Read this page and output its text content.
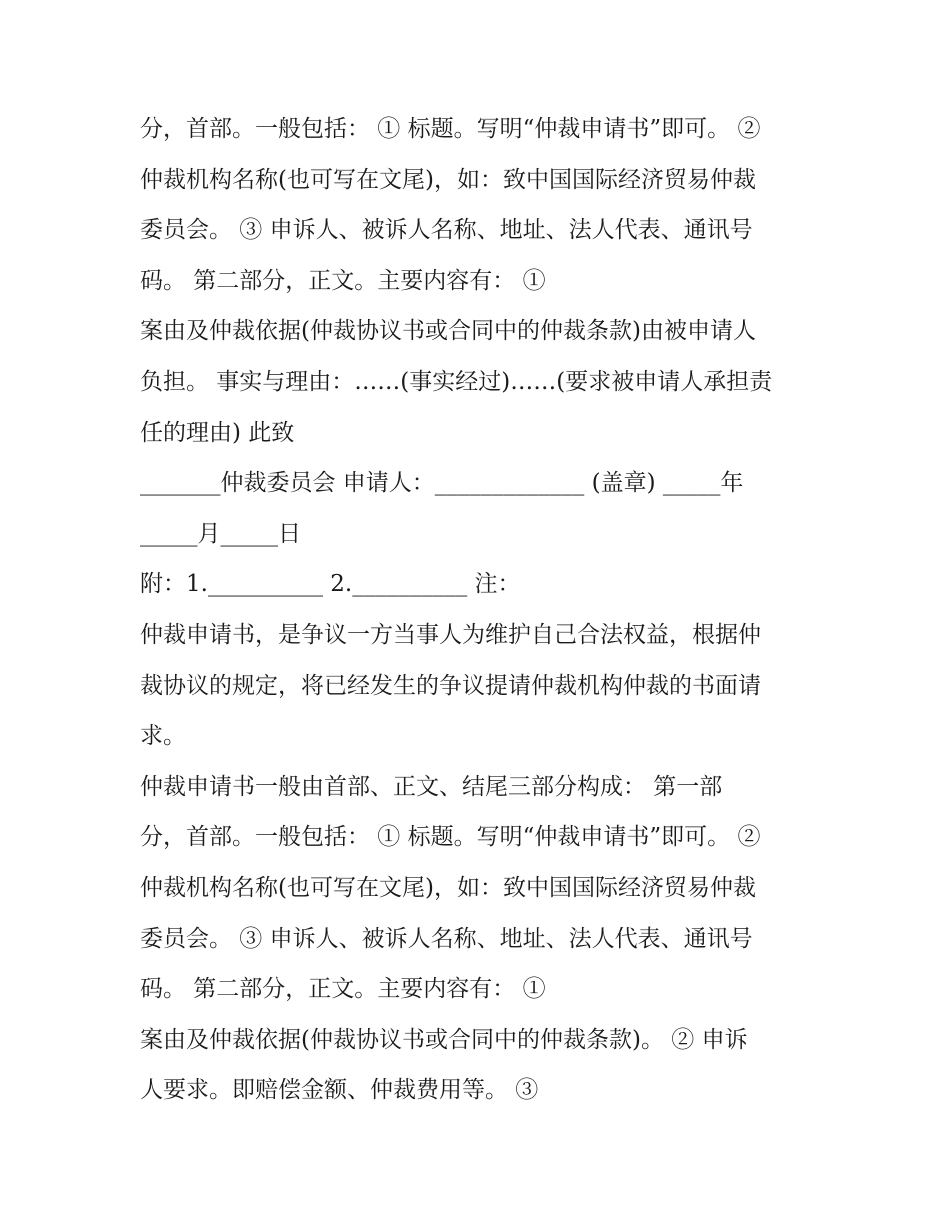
分，首部。一般包括： ① 标题。写明“仲裁申请书”即可。 ②
仲裁机构名称(也可写在文尾)，如：致中国国际经济贸易仲裁
委员会。 ③ 申诉人、被诉人名称、地址、法人代表、通讯号
码。 第二部分，正文。主要内容有： ①
案由及仲裁依据(仲裁协议书或合同中的仲裁条款)由被申请人
负担。 事实与理由：……(事实经过)……(要求被申请人承担责
任的理由) 此致
_______仲裁委员会 申请人：_____________ (盖章) _____年
_____月_____日
附：1.__________ 2.__________ 注：
仲裁申请书，是争议一方当事人为维护自己合法权益，根据仲
裁协议的规定，将已经发生的争议提请仲裁机构仲裁的书面请
求。
仲裁申请书一般由首部、正文、结尾三部分构成： 第一部
分，首部。一般包括： ① 标题。写明“仲裁申请书”即可。 ②
仲裁机构名称(也可写在文尾)，如：致中国国际经济贸易仲裁
委员会。 ③ 申诉人、被诉人名称、地址、法人代表、通讯号
码。 第二部分，正文。主要内容有： ①
案由及仲裁依据(仲裁协议书或合同中的仲裁条款)。 ② 申诉
人要求。即赔偿金额、仲裁费用等。 ③
